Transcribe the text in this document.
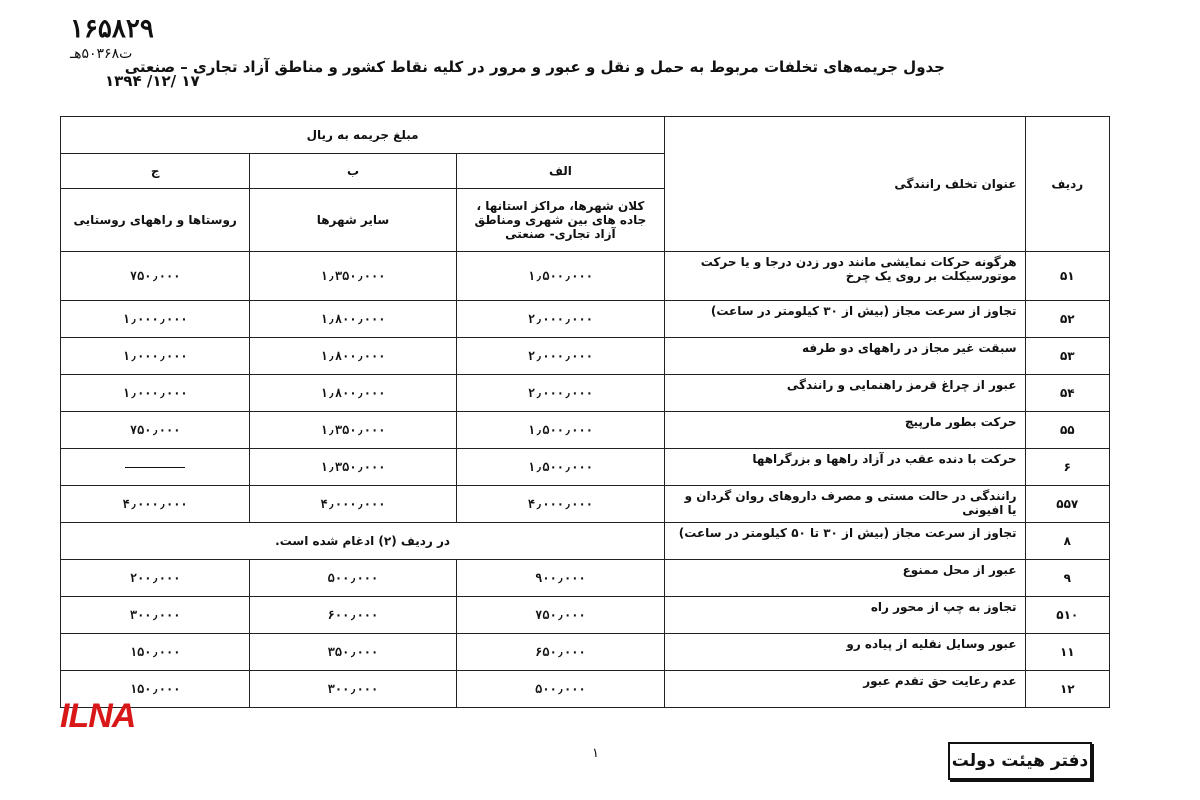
۱۶۵۸۲۹
ت۵۰۳۶۸هـ
۱۷ /۱۲/ ۱۳۹۴
جدول جریمه‌های تخلفات مربوط به حمل و نقل و عبور و مرور در کلیه نقاط کشور و مناطق آزاد تجاری – صنعتی
ردیف	عنوان تخلف رانندگی	مبلغ جریمه به ریال		
		الف	ب	ج
		کلان شهرها، مراکز استانها ، جاده های بین شهری ومناطق آزاد تجاری- صنعتی	سایر شهرها	روستاها و راههای روستایی
۵۱	هرگونه حرکات نمایشی مانند دور زدن درجا و یا حرکت موتورسیکلت بر روی یک چرخ	۱٫۵۰۰٫۰۰۰	۱٫۳۵۰٫۰۰۰	۷۵۰٫۰۰۰
۵۲	تجاوز از سرعت مجاز (بیش از ۳۰ کیلومتر در ساعت)	۲٫۰۰۰٫۰۰۰	۱٫۸۰۰٫۰۰۰	۱٫۰۰۰٫۰۰۰
۵۳	سبقت غیر مجاز در راههای دو طرفه	۲٫۰۰۰٫۰۰۰	۱٫۸۰۰٫۰۰۰	۱٫۰۰۰٫۰۰۰
۵۴	عبور از چراغ قرمز راهنمایی و رانندگی	۲٫۰۰۰٫۰۰۰	۱٫۸۰۰٫۰۰۰	۱٫۰۰۰٫۰۰۰
۵۵	حرکت بطور مارپیچ	۱٫۵۰۰٫۰۰۰	۱٫۳۵۰٫۰۰۰	۷۵۰٫۰۰۰
۶	حرکت با دنده عقب در آزاد راهها و بزرگراهها	۱٫۵۰۰٫۰۰۰	۱٫۳۵۰٫۰۰۰	
۵۵۷	رانندگی در حالت مستی و مصرف داروهای روان گردان و یا افیونی	۴٫۰۰۰٫۰۰۰	۴٫۰۰۰٫۰۰۰	۴٫۰۰۰٫۰۰۰
۸	تجاوز از سرعت مجاز (بیش از ۳۰ تا ۵۰ کیلومتر در ساعت)	در ردیف (۲) ادغام شده است.		
۹	عبور از محل ممنوع	۹۰۰٫۰۰۰	۵۰۰٫۰۰۰	۲۰۰٫۰۰۰
۵۱۰	تجاوز به چپ از محور راه	۷۵۰٫۰۰۰	۶۰۰٫۰۰۰	۳۰۰٫۰۰۰
۱۱	عبور وسایل نقلیه از پیاده رو	۶۵۰٫۰۰۰	۳۵۰٫۰۰۰	۱۵۰٫۰۰۰
۱۲	عدم رعایت حق تقدم عبور	۵۰۰٫۰۰۰	۳۰۰٫۰۰۰	۱۵۰٫۰۰۰
ILNA
۱	دفتر هیئت دولت
